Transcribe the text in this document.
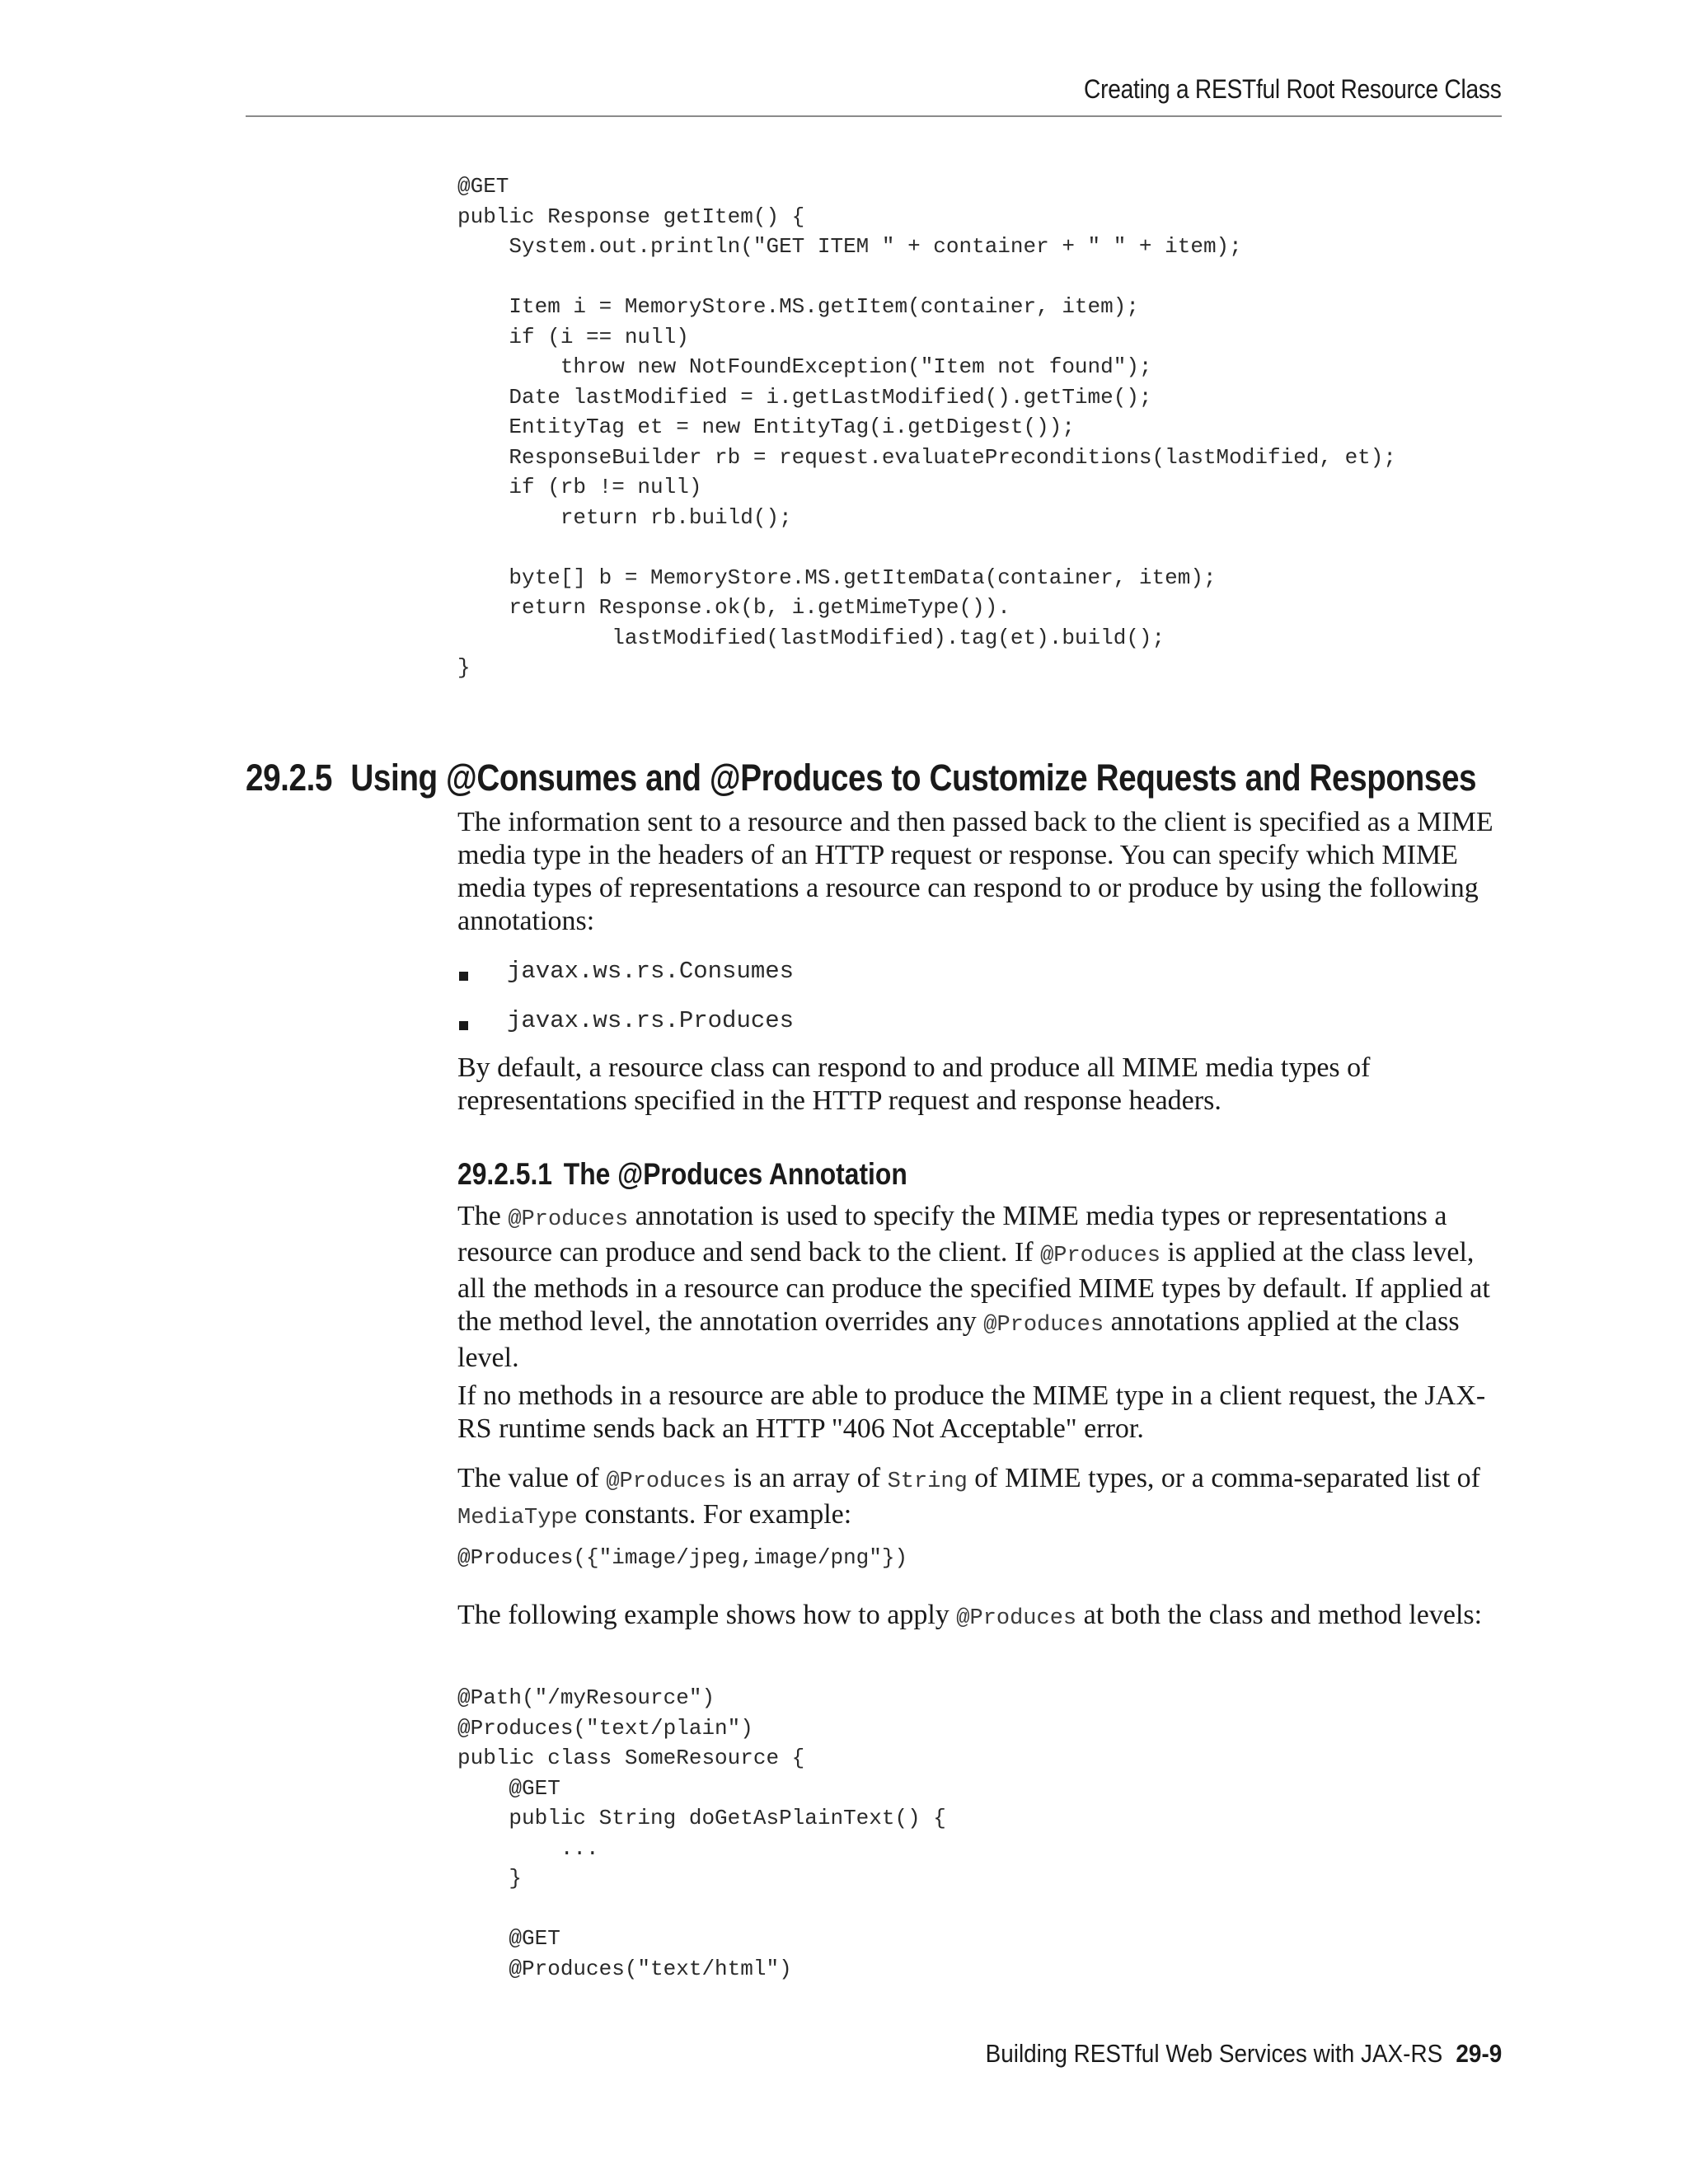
Creating a RESTful Root Resource Class
@GET
public Response getItem() {
System.out.println("GET ITEM " + container + " " + item);
Item i = MemoryStore.MS.getItem(container, item);
if (i == null)
throw new NotFoundException("Item not found");
Date lastModified = i.getLastModified().getTime();
EntityTag et = new EntityTag(i.getDigest());
ResponseBuilder rb = request.evaluatePreconditions(lastModified, et);
if (rb != null)
return rb.build();
byte[] b = MemoryStore.MS.getItemData(container, item);
return Response.ok(b, i.getMimeType()).
lastModified(lastModified).tag(et).build();
}
29.2.5 Using @Consumes and @Produces to Customize Requests and Responses

The information sent to a resource and then passed back to the client is specified as a MIME media type in the headers of an HTTP request or response. You can specify which MIME media types of representations a resource can respond to or produce by using the following annotations:

javax.ws.rs.Consumes
javax.ws.rs.Produces

By default, a resource class can respond to and produce all MIME media types of representations specified in the HTTP request and response headers.

29.2.5.1 The @Produces Annotation

The @Produces annotation is used to specify the MIME media types or representations a resource can produce and send back to the client. If @Produces is applied at the class level, all the methods in a resource can produce the specified MIME types by default. If applied at the method level, the annotation overrides any @Produces annotations applied at the class level.

If no methods in a resource are able to produce the MIME type in a client request, the JAX-RS runtime sends back an HTTP "406 Not Acceptable" error.

The value of @Produces is an array of String of MIME types, or a comma-separated list of MediaType constants. For example:

@Produces({"image/jpeg,image/png"})

The following example shows how to apply @Produces at both the class and method levels:

@Path("/myResource")
@Produces("text/plain")
public class SomeResource {
@GET
public String doGetAsPlainText() {
...
}
@GET
@Produces("text/html")
Building RESTful Web Services with JAX-RS 29-9
